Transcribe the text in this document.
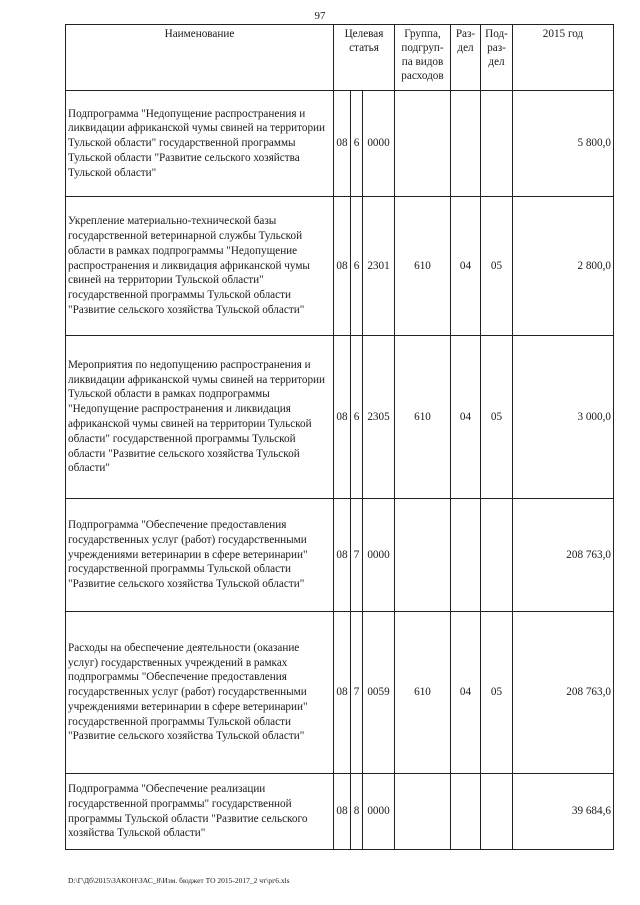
97
Наименование	Целевая статья			Группа, подгруп-па видов расходов	Раз-дел	Под-раз-дел	2015 год
Подпрограмма "Недопущение распространения и ликвидации африканской чумы свиней на территории Тульской области" государственной программы Тульской области "Развитие сельского хозяйства Тульской области"	08	6	0000				5 800,0
Укрепление материально-технической базы государственной ветеринарной службы Тульской области в рамках подпрограммы "Недопущение распространения и ликвидация африканской чумы свиней на территории Тульской области" государственной программы Тульской области "Развитие сельского хозяйства Тульской области"	08	6	2301	610	04	05	2 800,0
Мероприятия по недопущению распространения и ликвидации африканской чумы свиней на территории Тульской области в рамках подпрограммы "Недопущение распространения и ликвидация африканской чумы свиней на территории Тульской области" государственной программы Тульской области "Развитие сельского хозяйства Тульской области"	08	6	2305	610	04	05	3 000,0
Подпрограмма "Обеспечение предоставления государственных услуг (работ) государственными учреждениями ветеринарии в сфере ветеринарии" государственной программы Тульской области "Развитие сельского хозяйства Тульской области"	08	7	0000				208 763,0
Расходы на обеспечение деятельности (оказание услуг) государственных учреждений в рамках подпрограммы "Обеспечение предоставления государственных услуг (работ) государственными учреждениями ветеринарии в сфере ветеринарии" государственной программы Тульской области "Развитие сельского хозяйства Тульской области"	08	7	0059	610	04	05	208 763,0
Подпрограмма "Обеспечение реализации государственной программы" государственной программы Тульской области "Развитие сельского хозяйства Тульской области"	08	8	0000				39 684,6
D:\Г\Дб\2015\ЗАКОН\ЗАС_8\Изм. бюджет ТО 2015-2017_2 чт\рг6.xls
